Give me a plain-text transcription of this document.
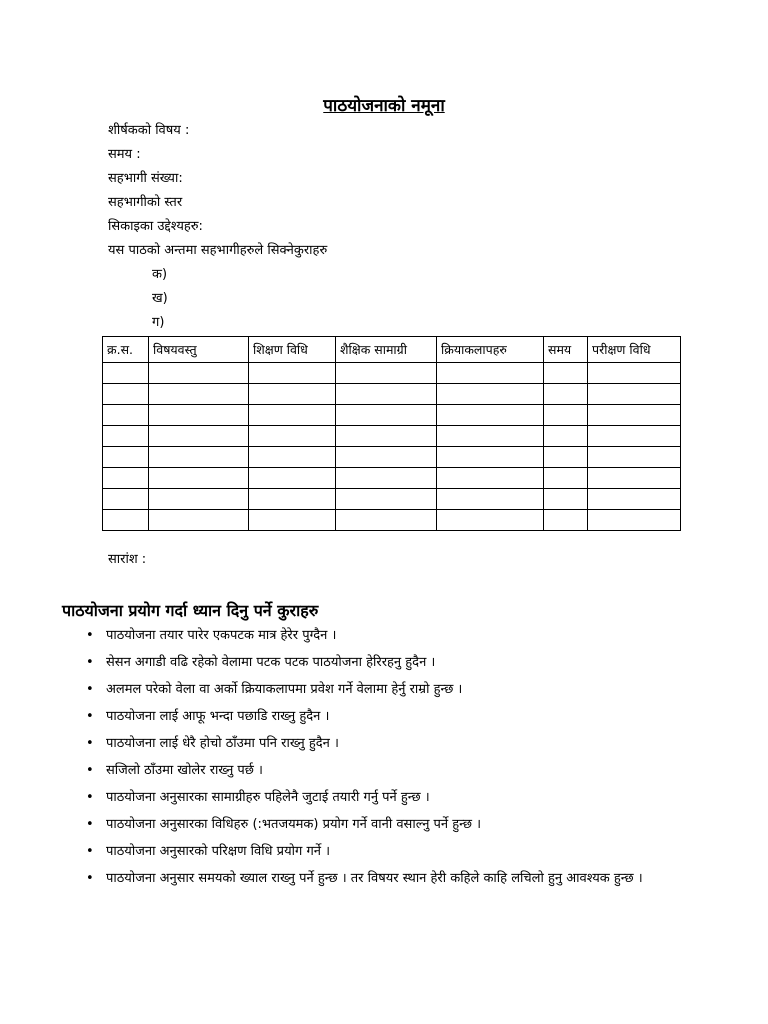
पाठयोजनाको नमूना
शीर्षकको विषय :
समय :
सहभागी संख्या:
सहभागीको स्तर
सिकाइका उद्देश्यहरु:
यस पाठको अन्तमा सहभागीहरुले सिक्नेकुराहरु
क)
ख)
ग)
क्र.स.	विषयवस्तु	शिक्षण विधि	शैक्षिक सामाग्री	क्रियाकलापहरु	समय	परीक्षण विधि

सारांश :
पाठयोजना प्रयोग गर्दा ध्यान दिनु पर्ने कुराहरु
• पाठयोजना तयार पारेर एकपटक मात्र हेरेर पुग्दैन ।
• सेसन अगाडी वढि रहेको वेलामा पटक पटक पाठयोजना हेरिरहनु हुदैन ।
• अलमल परेको वेला वा अर्को क्रियाकलापमा प्रवेश गर्ने वेलामा हेर्नु राम्रो हुन्छ ।
• पाठयोजना लाई आफू भन्दा पछाडि राख्नु हुदैन ।
• पाठयोजना लाई धेरै होचो ठाँउमा पनि राख्नु हुदैन ।
• सजिलो ठाँउमा खोलेर राख्नु पर्छ ।
• पाठयोजना अनुसारका सामाग्रीहरु पहिलेनै जुटाई तयारी गर्नु पर्ने हुन्छ ।
• पाठयोजना अनुसारका विधिहरु (:भतजयमक) प्रयोग गर्ने वानी वसाल्नु पर्ने हुन्छ ।
• पाठयोजना अनुसारको परिक्षण विधि प्रयोग गर्ने ।
• पाठयोजना अनुसार समयको ख्याल राख्नु पर्ने हुन्छ । तर विषयर स्थान हेरी कहिले काहि लचिलो हुनु आवश्यक हुन्छ ।
